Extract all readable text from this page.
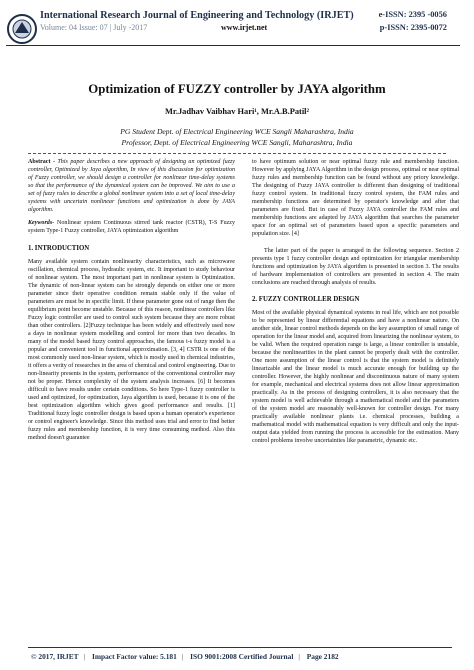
International Research Journal of Engineering and Technology (IRJET)
Volume: 04 Issue: 07 | July -2017	www.irjet.net
e-ISSN: 2395 -0056
p-ISSN: 2395-0072
Optimization of FUZZY controller by JAYA algorithm
Mr.Jadhav Vaibhav Hari¹, Mr.A.B.Patil²
PG Student Dept. of Electrical Engineering WCE Sangli Maharashtra, India
Professor, Dept. of Electrical Engineering WCE Sangli, Maharashtra, India

Abstract - This paper describes a new approach of designing an optimized fuzzy controller, Optimized by Jaya algorithm, In view of this discussion for optimization of Fuzzy controller, we should design a controller for nonlinear time-delay systems so that the performance of the dynamical system can be improved. We aim to use a set of fuzzy rules to describe a global nonlinear system into a set of local time-delay systems with uncertain nonlinear functions and optimization is done by JAYA algorithm.

Keywords- Nonlinear system Continuous stirred tank reactor (CSTR), T-S Fuzzy system Type-1 Fuzzy controller, JAYA optimization algorithm

1. INTRODUCTION

Many available system contain nonlinearity characteristics, such as microwave oscillation, chemical process, hydraulic system, etc. It important to study behaviour of nonlinear system. The most important part in nonlinear system is Optimization. The dynamic of non-linear system can be strongly depends on either one or more parameter since their operative condition remain stable only if the value of parameters are must be in specific limit. If these parameter gone out of range then the equilibrium point become unstable. Because of this reason, nonlinear controllers like Fuzzy logic controller are used to control such system because they are more robust than other controllers. [2]Fuzzy technique has been widely and effectively used now a days in nonlinear system modelling and control for more than two decades. In many of the model based fuzzy control approaches, the famous t-s fuzzy model is a popular and convenient tool in functional approximation. [3, 4] CSTR is one of the most commonly used non-linear system, which is mostly used in chemical industries, it offers a verity of researches in the area of chemical and control engineering. Due to non-linearity presents in the system, performance of the conventional controller may not be proper. Hence complexity of the system analysis increases. [6] It becomes difficult to have results under certain conditions. So here Type-1 fuzzy controller is used and optimized, for optimization, Jaya algorithm is used, because it is one of the best optimization algorithm which gives good performance and results. [1] Traditional fuzzy logic controller design is based upon a human operator's experience or control engineer's knowledge. Since this method uses trial and error to find better fuzzy rules and membership function, it is very time consuming method. Also this method doesn't guarantee

to have optimum solution or near optimal fuzzy rule and membership function. However by applying JAYA Algorithm in the design process, optimal or near optimal fuzzy rules and membership function can be found without any priory knowledge. The designing of Fuzzy JAYA controller is different than designing of traditional fuzzy control system. In traditional fuzzy control system, the FAM rules and membership functions are determined by operator's knowledge and after that parameters are fixed. But in case of Fuzzy JAYA controller the FAM rules and membership functions are adapted by JAYA algorithm that searches the parameter space for an optimal set of parameters based upon a specific parameters and population size. [4]

The latter part of the paper is arranged in the following sequence. Section 2 presents type 1 fuzzy controller design and optimization for triangular membership functions and optimization by JAYA algorithm is presented in section 3. The results of hardware implementation of controllers are presented in section 4. The main conclusions are reached through analysis of results.

2. FUZZY CONTROLLER DESIGN

Most of the available physical dynamical systems in real life, which are not possible to be represented by linear differential equations and have a nonlinear nature. On another side, linear control methods depends on the key assumption of small range of operation for the linear model and, acquired from linearizing the nonlinear system, to be valid. When the required operation range is large, a linear controller is unstable, because the nonlinearities in the plant cannot be properly dealt with the controller. One more assumption of the linear control is that the system model is definitely linearizable and the linear model is much accurate enough for building up the controller. However, the highly nonlinear and discontinuous nature of many system for example, mechanical and electrical systems does not allow linear approximation practically. As in the process of designing controllers, it is also necessary that the system model is well achievable through a mathematical model and the parameters of the system model are reasonably well-known for controller design. For many practically available nonlinear plants i.e. chemical processes, building a mathematical model with mathematical equation is very difficult and only the input-output data yielded from running the process is accessible for the estimation. Many control problems involve uncertainties like parametric, dynamic etc.

© 2017, IRJET | Impact Factor value: 5.181 | ISO 9001:2008 Certified Journal | Page 2182
